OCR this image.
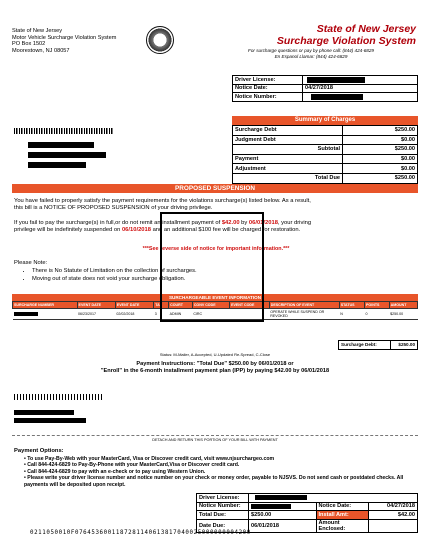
State of New Jersey
Motor Vehicle Surcharge Violation System
PO Box 1502
Moorestown, NJ 08057
State of New Jersey
Surcharge Violation System
For surcharge questions or pay by phone call: (844) 424-6829
En Espanol Llamar: (844) 424-6829
Driver License:	

Notice Date:	04/27/2018
Notice Number:	
Summary of Charges
Surcharge Debt	$250.00
Judgment Debt	$0.00
Subtotal	$250.00
Payment	$0.00
Adjustment	$0.00
Total Due	$250.00
PROPOSED SUSPENSION
You have failed to properly satisfy the payment requirements for the violations surcharge(s) listed below. As a result,
this bill is a NOTICE OF PROPOSED SUSPENSION of your driving privilege.
If you fail to pay the surcharge(s) in full,or do not remit an installment payment of $42.00 by 06/01/2018, your driving
privilege will be indefinitely suspended on 06/10/2018 and an additional $100 fee will be charged for restoration.
***See reverse side of notice for important information.***
Please Note:
• There is No Statute of Limitation on the collection of surcharges.
• Moving out of state does not void your surcharge obligation.
SURCHARGEABLE EVENT INFORMATION
SURCHARGE NUMBER	EVENT DATE	EVENT DATE	TAX	COURT	CONV CODE	EVENT CODE	DESCRIPTION OF EVENT	STATUS	POINTS	AMOUNT

	06/23/2017	02/02/2018	3	ADMIN	CIRC		OPERATE WHILE SUSPEND OR REVOKED	N	0	$250.00
Surcharge Debt:	$250.00
Status: M-Mailer, A-Accepted, U-Updated Re-Spread, C-Close
Payment Instructions: "Total Due" $250.00 by 06/01/2018 or
"Enroll" in the 6-month installment payment plan (IPP) by paying $42.00 by 06/01/2018
DETACH AND RETURN THIS PORTION OF YOUR BILL WITH PAYMENT
Payment Options:
• To use Pay-By-Web with your MasterCard, Visa or Discover credit card, visit www.njsurchargeo.com
• Call 844-424-6829 to Pay-By-Phone with your MasterCard,Visa or Discover credit card.
• Call 844-424-6829 to pay with an e-check or to pay using Western Union.
• Please write your driver license number and notice number on your check or money order, payable to NJSVS. Do not send cash or postdated checks. All payments will be deposited upon receipt.
Driver License:			

Notice Number:		Notice Date:	04/27/2018
Total Due:	$250.00	Install Amt:	$42.00
Date Due:	06/01/2018	Amount Enclosed:	
0211050010F0764536001187281140613817040025000000004200
